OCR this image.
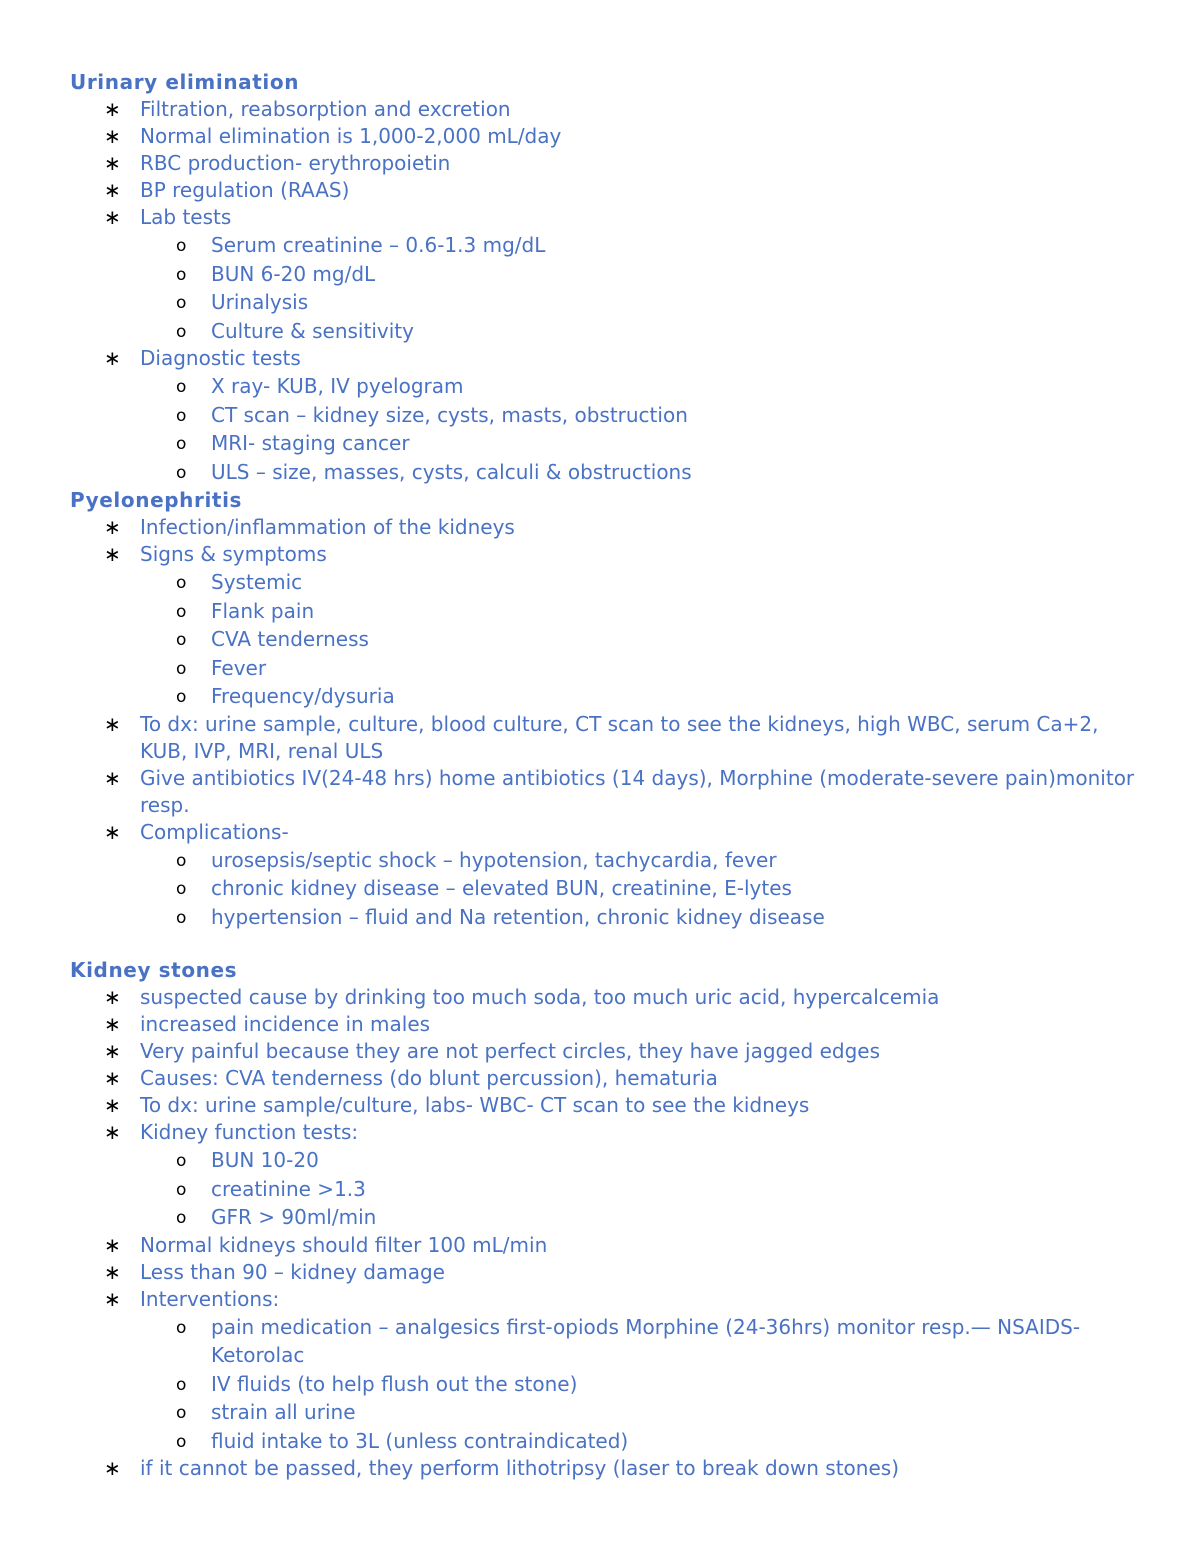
Urinary elimination
∗ Filtration, reabsorption and excretion
∗ Normal elimination is 1,000-2,000 mL/day
∗ RBC production- erythropoietin
∗ BP regulation (RAAS)
∗ Lab tests
o Serum creatinine – 0.6-1.3 mg/dL
o BUN 6-20 mg/dL
o Urinalysis
o Culture & sensitivity
∗ Diagnostic tests
o X ray- KUB, IV pyelogram
o CT scan – kidney size, cysts, masts, obstruction
o MRI- staging cancer
o ULS – size, masses, cysts, calculi & obstructions
Pyelonephritis
∗ Infection/inflammation of the kidneys
∗ Signs & symptoms
o Systemic
o Flank pain
o CVA tenderness
o Fever
o Frequency/dysuria
∗ To dx: urine sample, culture, blood culture, CT scan to see the kidneys, high WBC, serum Ca+2, KUB, IVP, MRI, renal ULS
∗ Give antibiotics IV(24-48 hrs) home antibiotics (14 days), Morphine (moderate-severe pain)monitor resp.
∗ Complications-
o urosepsis/septic shock – hypotension, tachycardia, fever
o chronic kidney disease – elevated BUN, creatinine, E-lytes
o hypertension – fluid and Na retention, chronic kidney disease
Kidney stones
∗ suspected cause by drinking too much soda, too much uric acid, hypercalcemia
∗ increased incidence in males
∗ Very painful because they are not perfect circles, they have jagged edges
∗ Causes: CVA tenderness (do blunt percussion), hematuria
∗ To dx: urine sample/culture, labs- WBC- CT scan to see the kidneys
∗ Kidney function tests:
o BUN 10-20
o creatinine >1.3
o GFR > 90ml/min
∗ Normal kidneys should filter 100 mL/min
∗ Less than 90 – kidney damage
∗ Interventions:
o pain medication – analgesics first-opiods Morphine (24-36hrs) monitor resp.— NSAIDS-Ketorolac
o IV fluids (to help flush out the stone)
o strain all urine
o fluid intake to 3L (unless contraindicated)
∗ if it cannot be passed, they perform lithotripsy (laser to break down stones)
